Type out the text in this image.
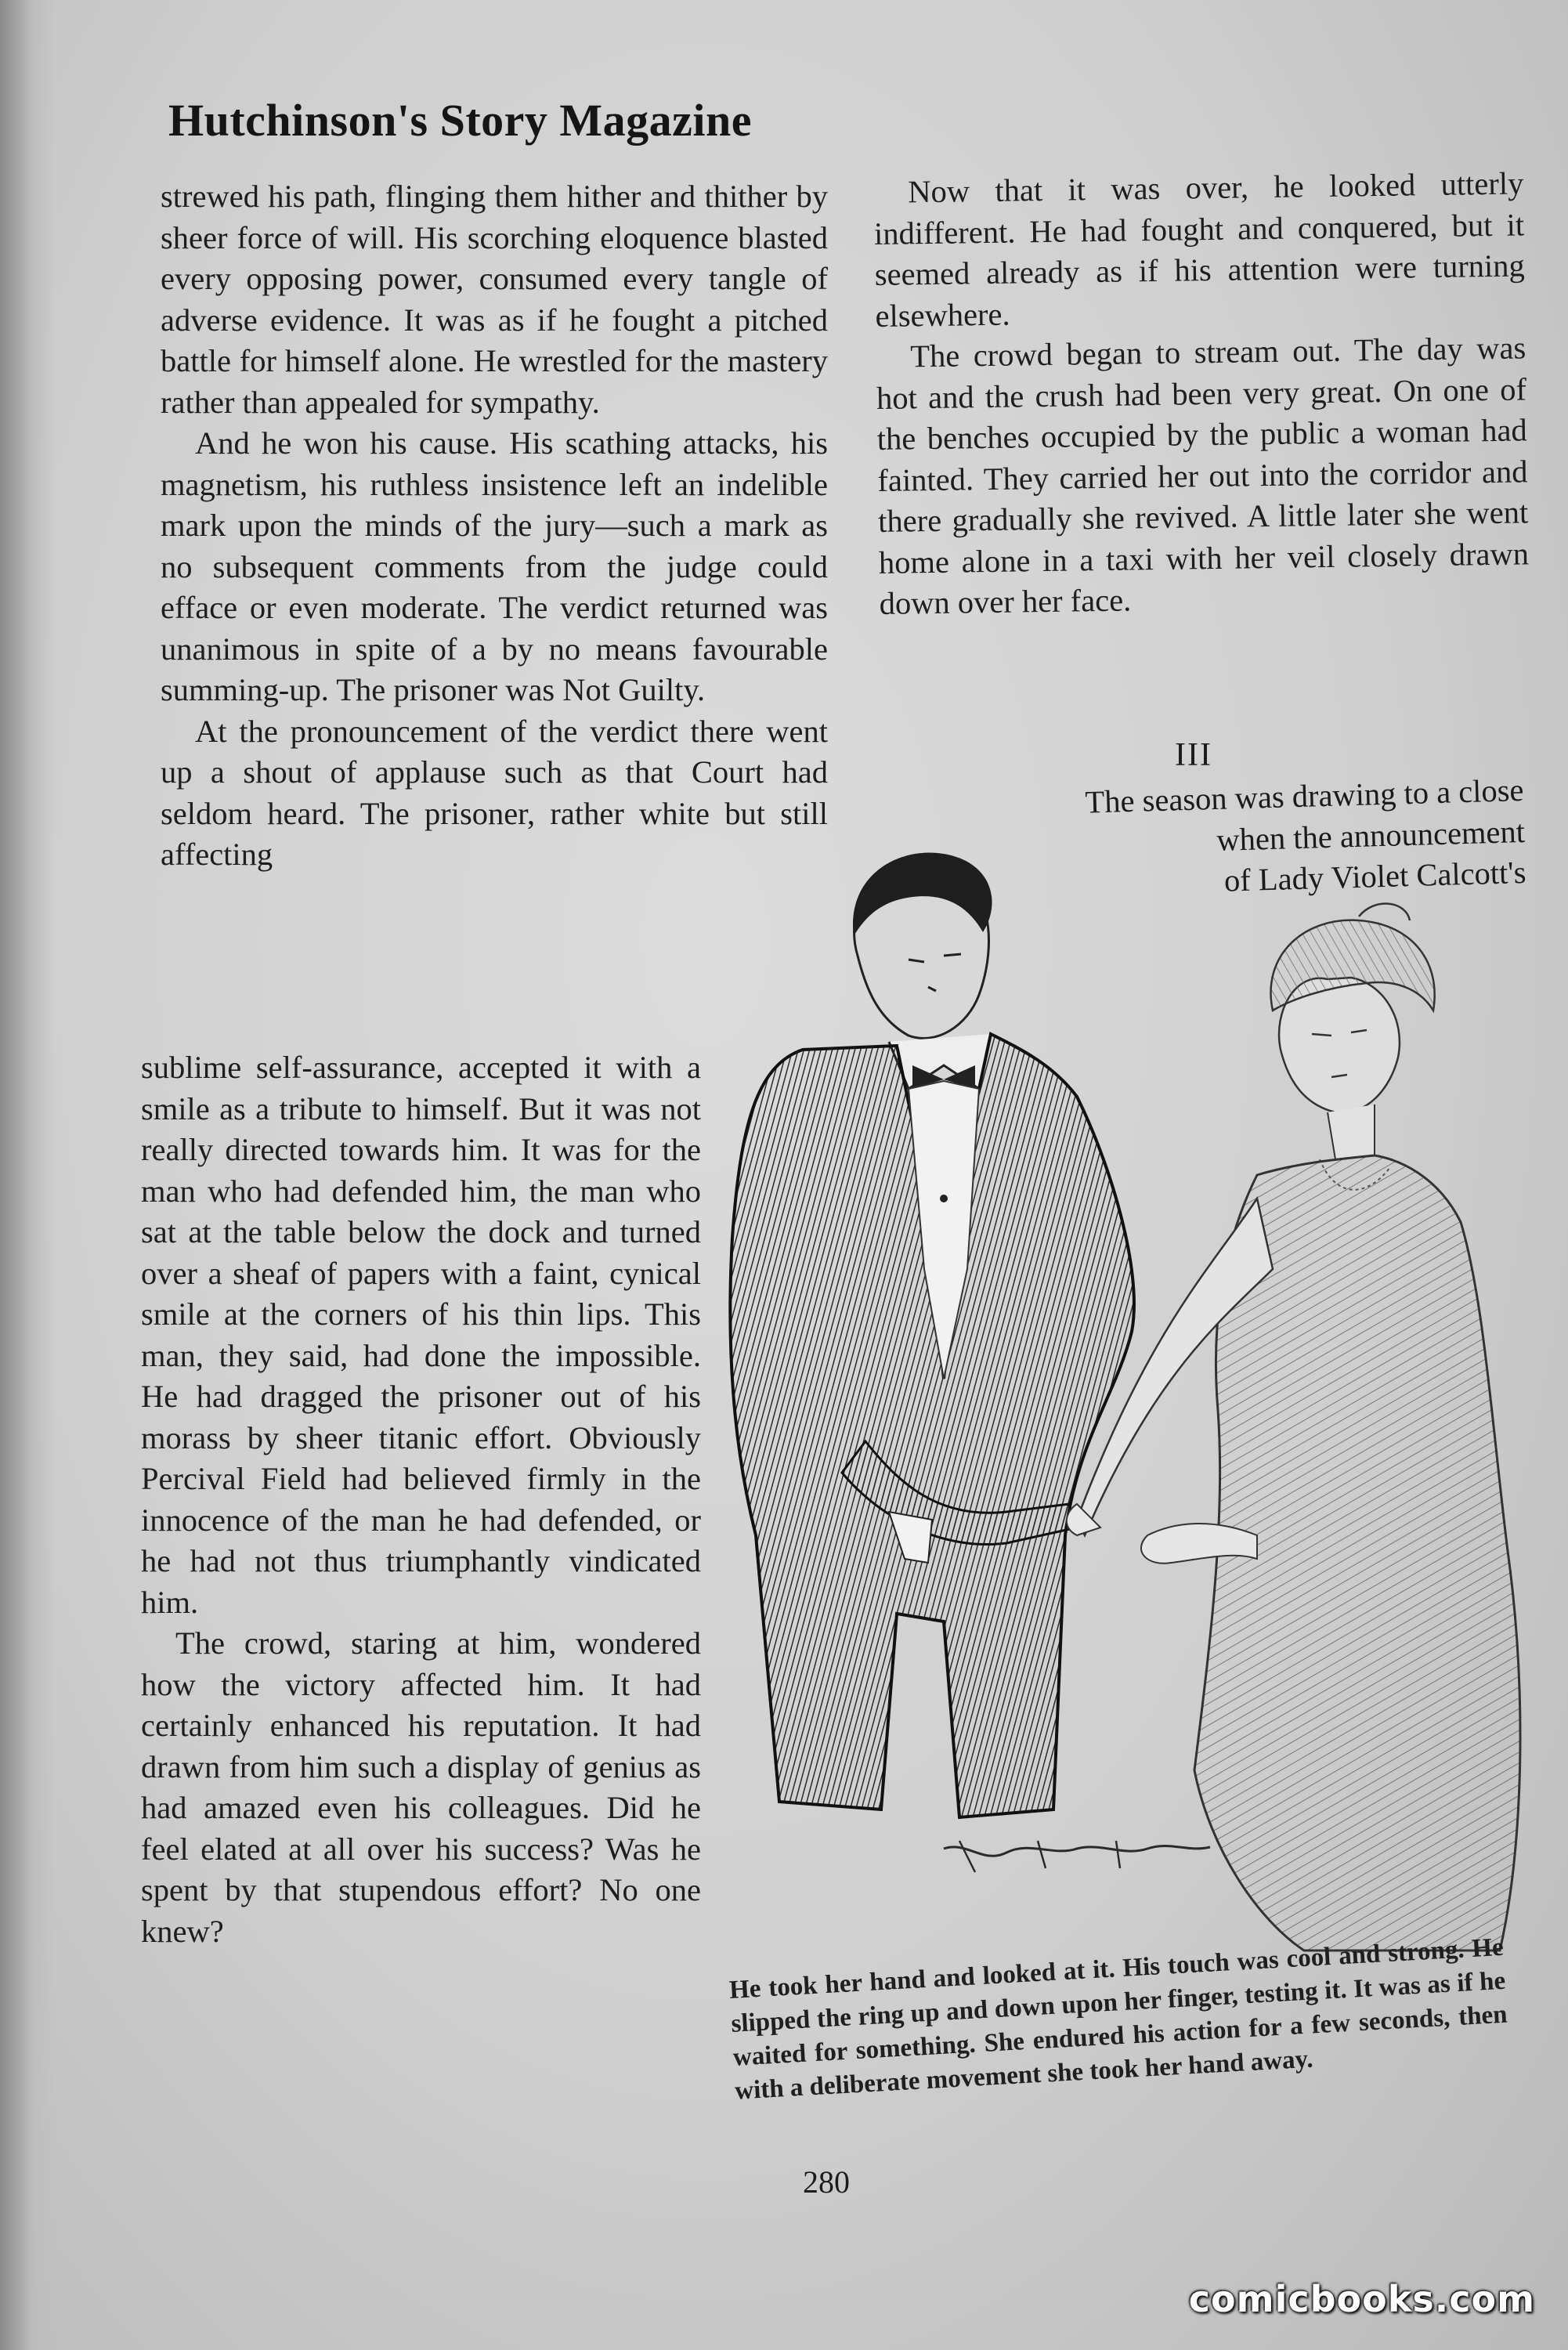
Hutchinson's Story Magazine

strewed his path, flinging them hither and thither by sheer force of will. His scorching eloquence blasted every opposing power, consumed every tangle of adverse evidence. It was as if he fought a pitched battle for himself alone. He wrestled for the mastery rather than appealed for sympathy.

And he won his cause. His scathing attacks, his magnetism, his ruthless insistence left an indelible mark upon the minds of the jury—such a mark as no subsequent comments from the judge could efface or even moderate. The verdict returned was unanimous in spite of a by no means favourable summing-up. The prisoner was Not Guilty.

At the pronouncement of the verdict there went up a shout of applause such as that Court had seldom heard. The prisoner, rather white but still affecting

sublime self-assurance, accepted it with a smile as a tribute to himself. But it was not really directed towards him. It was for the man who had defended him, the man who sat at the table below the dock and turned over a sheaf of papers with a faint, cynical smile at the corners of his thin lips. This man, they said, had done the impossible. He had dragged the prisoner out of his morass by sheer titanic effort. Obviously Percival Field had believed firmly in the innocence of the man he had defended, or he had not thus triumphantly vindicated him.

The crowd, staring at him, wondered how the victory affected him. It had certainly enhanced his reputation. It had drawn from him such a display of genius as had amazed even his colleagues. Did he feel elated at all over his success? Was he spent by that stupendous effort? No one knew?

Now that it was over, he looked utterly indifferent. He had fought and conquered, but it seemed already as if his attention were turning elsewhere.

The crowd began to stream out. The day was hot and the crush had been very great. On one of the benches occupied by the public a woman had fainted. They carried her out into the corridor and there gradually she revived. A little later she went home alone in a taxi with her veil closely drawn down over her face.

III
The season was drawing to a close
when the announcement
of Lady Violet Calcott's
He took her hand and looked at it. His touch was cool and strong. He slipped the ring up and down upon her finger, testing it. It was as if he waited for something. She endured his action for a few seconds, then with a deliberate movement she took her hand away.
280
comicbooks.com
